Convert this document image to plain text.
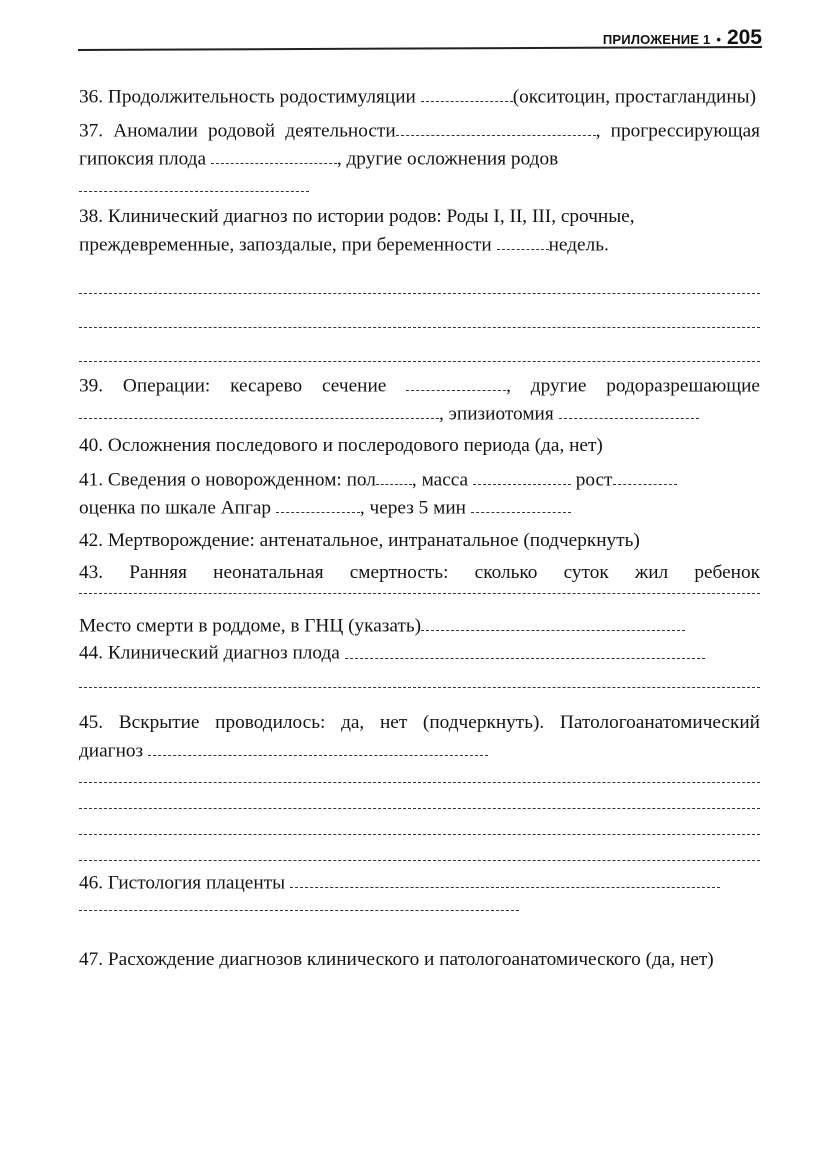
ПРИЛОЖЕНИЕ 1 • 205

36. Продолжительность родостимуляции	(окситоцин, простагландины)

37. Аномалии родовой деятельности	, прогрессирующая гипоксия плода	, другие осложнения родов

38. Клинический диагноз по истории родов: Роды I, II, III, срочные, преждевременные, запоздалые, при беременности	недель.

39. Операции: кесарево сечение	, другие родоразрешающие , эпизиотомия

40. Осложнения последового и послеродового периода (да, нет)

41. Сведения о новорожденном: пол , масса	рост
оценка по шкале Апгар	, через 5 мин

42. Мертворождение: антенатальное, интранатальное (подчеркнуть)

43. Ранняя неонатальная смертность: сколько суток жил ребенок

Место смерти в роддоме, в ГНЦ (указать)

44. Клинический диагноз плода

45. Вскрытие проводилось: да, нет (подчеркнуть). Патологоанатомический диагноз

46. Гистология плаценты

47. Расхождение диагнозов клинического и патологоанатомического (да, нет)
